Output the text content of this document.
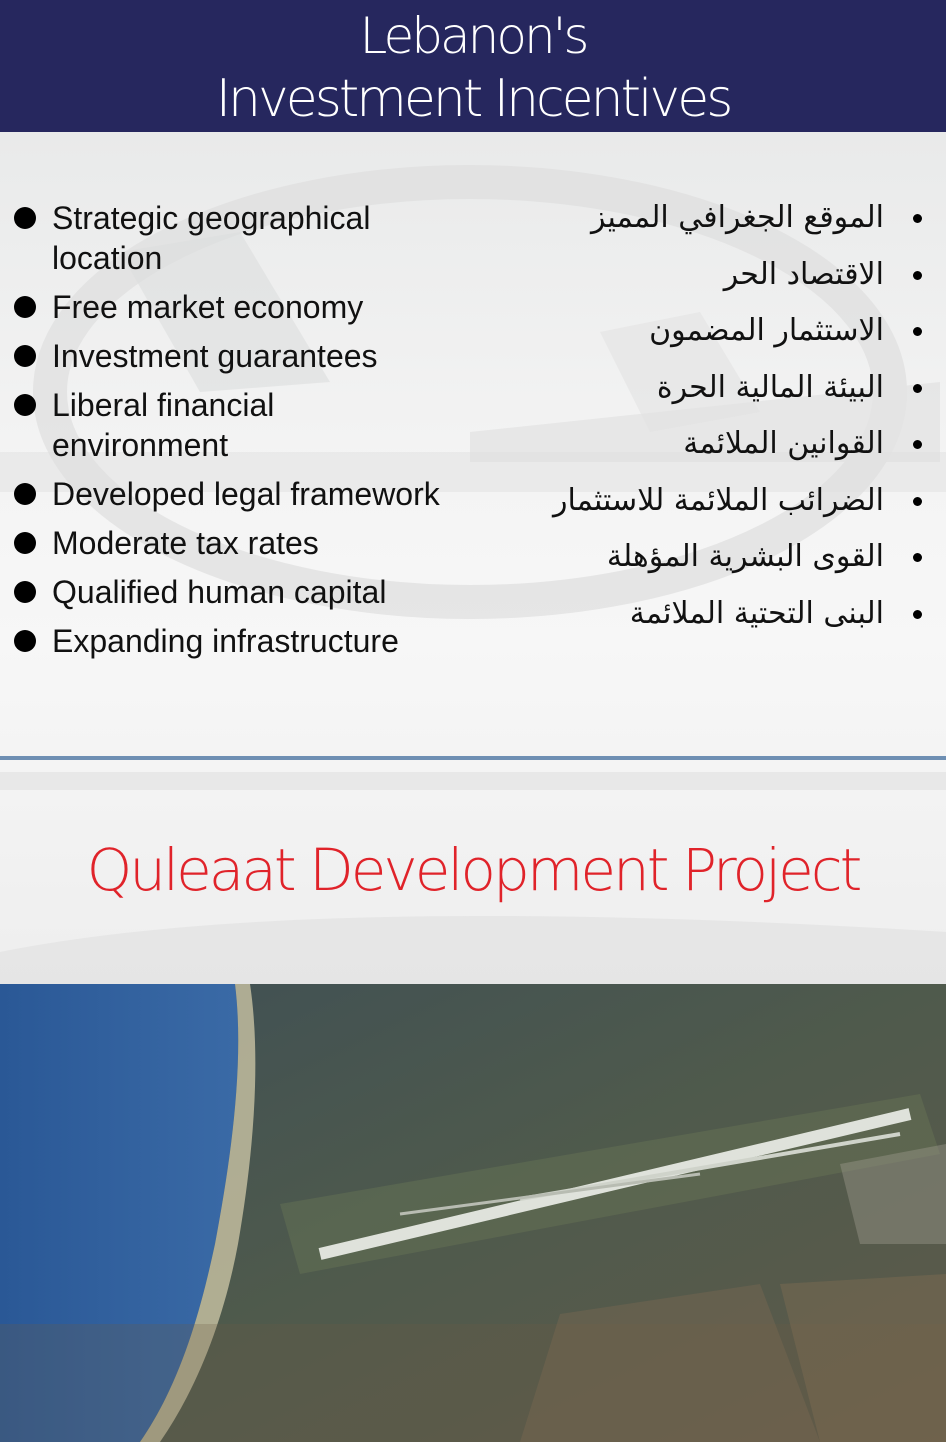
Lebanon's
Investment Incentives
Strategic geographical location
Free market economy
Investment guarantees
Liberal financial environment
Developed legal framework
Moderate tax rates
Qualified human capital
Expanding infrastructure
الموقع الجغرافي المميز
الاقتصاد الحر
الاستثمار المضمون
البيئة المالية الحرة
القوانين الملائمة
الضرائب الملائمة للاستثمار
القوى البشرية المؤهلة
البنى التحتية الملائمة
Quleaat Development Project
